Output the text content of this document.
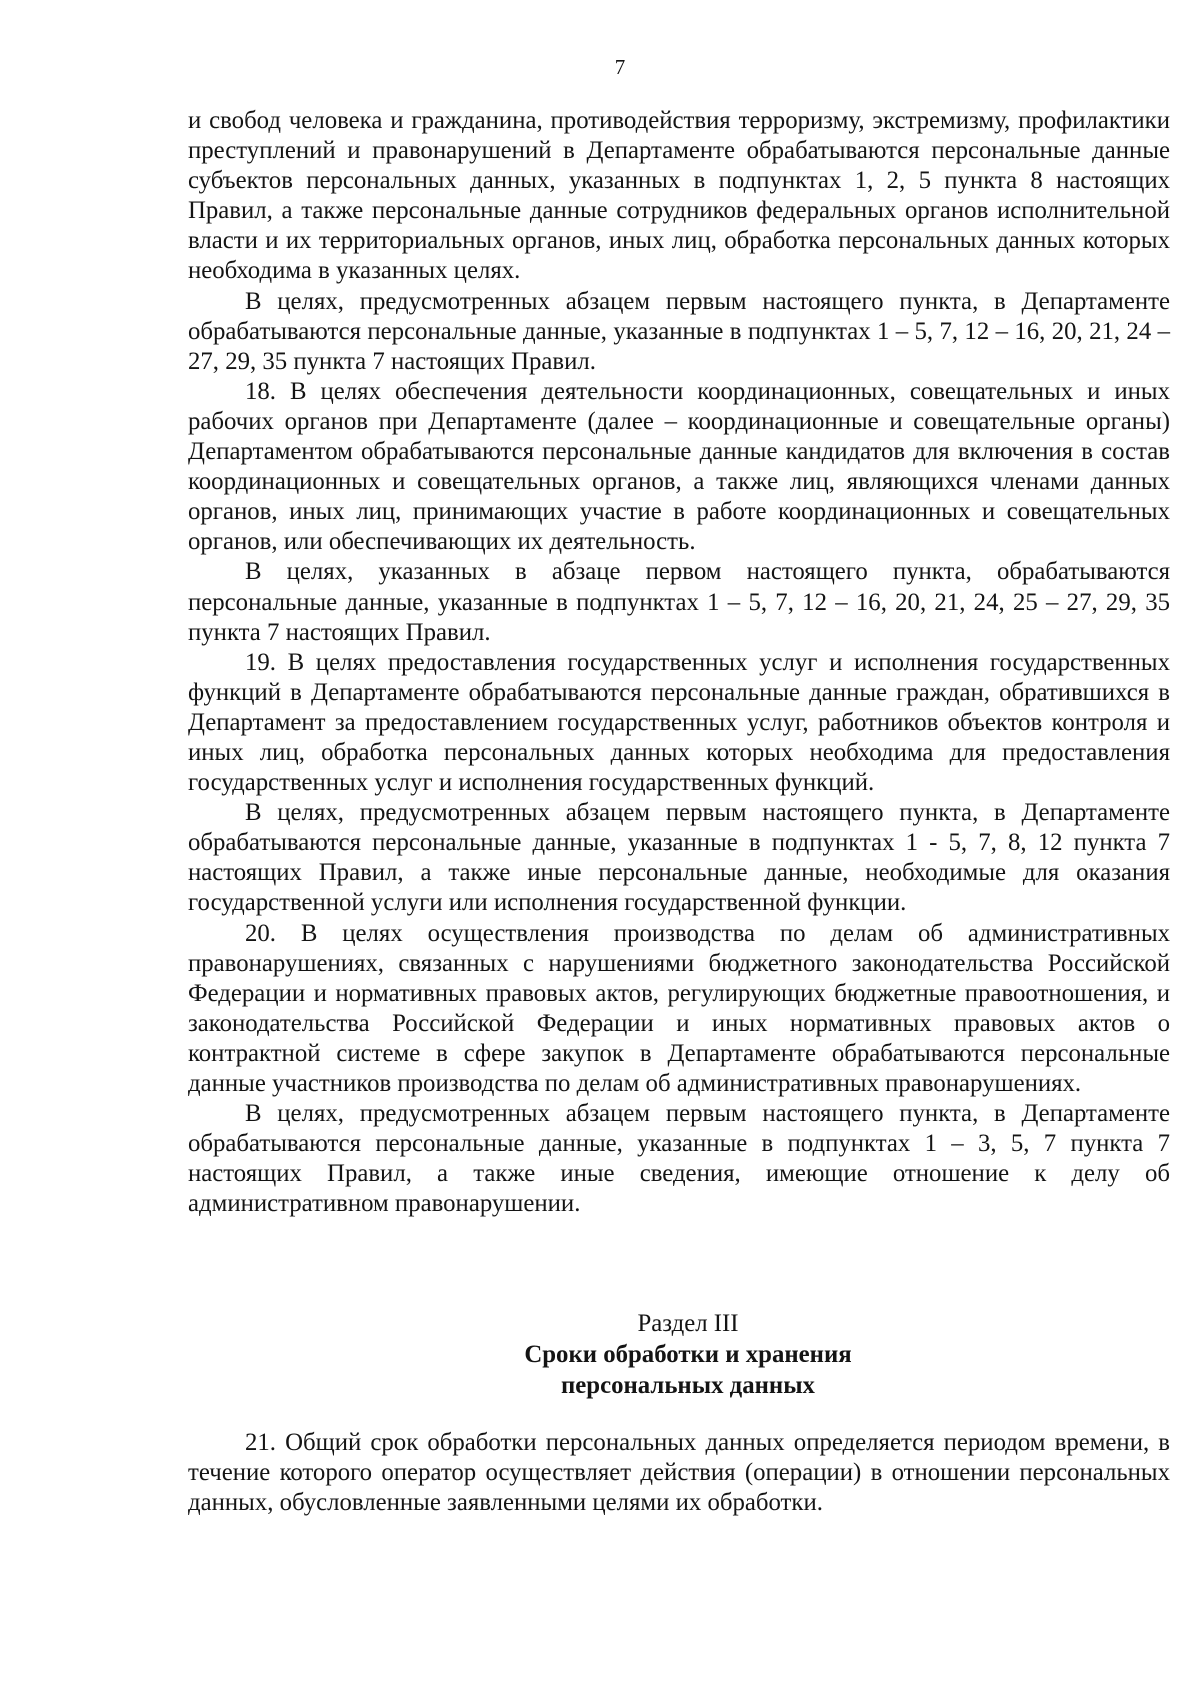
7

и свобод человека и гражданина, противодействия терроризму, экстремизму, профилактики преступлений и правонарушений в Департаменте обрабатываются персональные данные субъектов персональных данных, указанных в подпунктах 1, 2, 5 пункта 8 настоящих Правил, а также персональные данные сотрудников федеральных органов исполнительной власти и их территориальных органов, иных лиц, обработка персональных данных которых необходима в указанных целях.

В целях, предусмотренных абзацем первым настоящего пункта, в Департаменте обрабатываются персональные данные, указанные в подпунктах 1 – 5, 7, 12 – 16, 20, 21, 24 – 27, 29, 35 пункта 7 настоящих Правил.

18. В целях обеспечения деятельности координационных, совещательных и иных рабочих органов при Департаменте (далее – координационные и совещательные органы) Департаментом обрабатываются персональные данные кандидатов для включения в состав координационных и совещательных органов, а также лиц, являющихся членами данных органов, иных лиц, принимающих участие в работе координационных и совещательных органов, или обеспечивающих их деятельность.

В целях, указанных в абзаце первом настоящего пункта, обрабатываются персональные данные, указанные в подпунктах 1 – 5, 7, 12 – 16, 20, 21, 24, 25 – 27, 29, 35 пункта 7 настоящих Правил.

19. В целях предоставления государственных услуг и исполнения государственных функций в Департаменте обрабатываются персональные данные граждан, обратившихся в Департамент за предоставлением государственных услуг, работников объектов контроля и иных лиц, обработка персональных данных которых необходима для предоставления государственных услуг и исполнения государственных функций.

В целях, предусмотренных абзацем первым настоящего пункта, в Департаменте обрабатываются персональные данные, указанные в подпунктах 1 - 5, 7, 8, 12 пункта 7 настоящих Правил, а также иные персональные данные, необходимые для оказания государственной услуги или исполнения государственной функции.

20. В целях осуществления производства по делам об административных правонарушениях, связанных с нарушениями бюджетного законодательства Российской Федерации и нормативных правовых актов, регулирующих бюджетные правоотношения, и законодательства Российской Федерации и иных нормативных правовых актов о контрактной системе в сфере закупок в Департаменте обрабатываются персональные данные участников производства по делам об административных правонарушениях.

В целях, предусмотренных абзацем первым настоящего пункта, в Департаменте обрабатываются персональные данные, указанные в подпунктах 1 – 3, 5, 7 пункта 7 настоящих Правил, а также иные сведения, имеющие отношение к делу об административном правонарушении.

Раздел III
Сроки обработки и хранения
персональных данных

21. Общий срок обработки персональных данных определяется периодом времени, в течение которого оператор осуществляет действия (операции) в отношении персональных данных, обусловленные заявленными целями их обработки.
